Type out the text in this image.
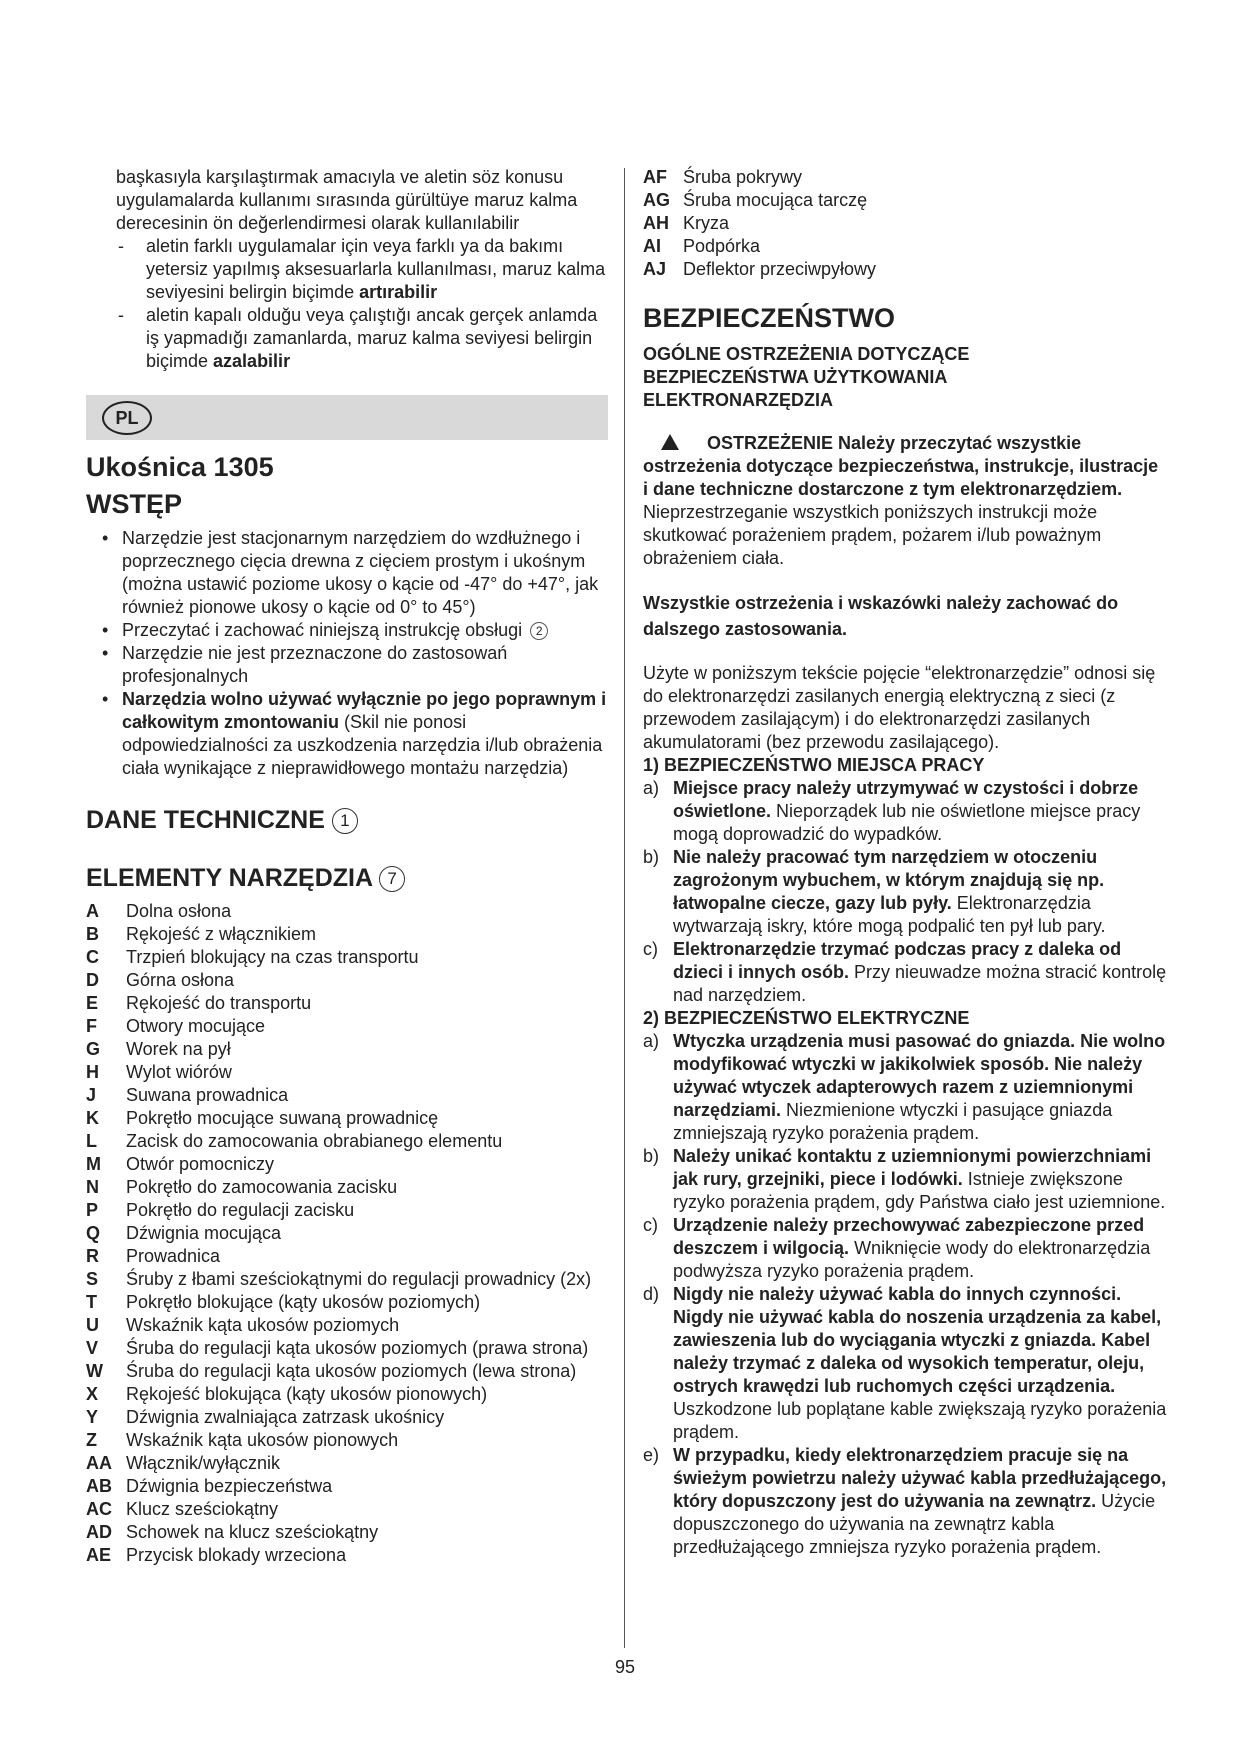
başkasıyla karşılaştırmak amacıyla ve aletin söz konusu uygulamalarda kullanımı sırasında gürültüye maruz kalma derecesinin ön değerlendirmesi olarak kullanılabilir

- aletin farklı uygulamalar için veya farklı ya da bakımı yetersiz yapılmış aksesuarlarla kullanılması, maruz kalma seviyesini belirgin biçimde artırabilir

- aletin kapalı olduğu veya çalıştığı ancak gerçek anlamda iş yapmadığı zamanlarda, maruz kalma seviyesi belirgin biçimde azalabilir

PL
Ukośnica 1305
WSTĘP

• Narzędzie jest stacjonarnym narzędziem do wzdłużnego i poprzecznego cięcia drewna z cięciem prostym i ukośnym (można ustawić poziome ukosy o kącie od -47° do +47°, jak również pionowe ukosy o kącie od 0° to 45°)

• Przeczytać i zachować niniejszą instrukcję obsługi 2

• Narzędzie nie jest przeznaczone do zastosowań profesjonalnych

• Narzędzia wolno używać wyłącznie po jego poprawnym i całkowitym zmontowaniu (Skil nie ponosi odpowiedzialności za uszkodzenia narzędzia i/lub obrażenia ciała wynikające z nieprawidłowego montażu narzędzia)

DANE TECHNICZNE 1
ELEMENTY NARZĘDZIA 7
A	Dolna osłona
B	Rękojeść z włącznikiem
C	Trzpień blokujący na czas transportu
D	Górna osłona
E	Rękojeść do transportu
F	Otwory mocujące
G	Worek na pył
H	Wylot wiórów
J	Suwana prowadnica
K	Pokrętło mocujące suwaną prowadnicę
L	Zacisk do zamocowania obrabianego elementu
M	Otwór pomocniczy
N	Pokrętło do zamocowania zacisku
P	Pokrętło do regulacji zacisku
Q	Dźwignia mocująca
R	Prowadnica
S	Śruby z łbami sześciokątnymi do regulacji prowadnicy (2x)
T	Pokrętło blokujące (kąty ukosów poziomych)
U	Wskaźnik kąta ukosów poziomych
V	Śruba do regulacji kąta ukosów poziomych (prawa strona)
W	Śruba do regulacji kąta ukosów poziomych (lewa strona)
X	Rękojeść blokująca (kąty ukosów pionowych)
Y	Dźwignia zwalniająca zatrzask ukośnicy
Z	Wskaźnik kąta ukosów pionowych
AA Włącznik/wyłącznik
AB Dźwignia bezpieczeństwa
AC Klucz sześciokątny
AD Schowek na klucz sześciokątny
AE Przycisk blokady wrzeciona
AF Śruba pokrywy
AG Śruba mocująca tarczę
AH Kryza
AI	Podpórka
AJ Deflektor przeciwpyłowy
BEZPIECZEŃSTWO

OGÓLNE OSTRZEŻENIA DOTYCZĄCE BEZPIECZEŃSTWA UŻYTKOWANIA ELEKTRONARZĘDZIA

OSTRZEŻENIE Należy przeczytać wszystkie ostrzeżenia dotyczące bezpieczeństwa, instrukcje, ilustracje i dane techniczne dostarczone z tym elektronarzędziem. Nieprzestrzeganie wszystkich poniższych instrukcji może skutkować porażeniem prądem, pożarem i/lub poważnym obrażeniem ciała.

Wszystkie ostrzeżenia i wskazówki należy zachować do dalszego zastosowania.

Użyte w poniższym tekście pojęcie “elektronarzędzie” odnosi się do elektronarzędzi zasilanych energią elektryczną z sieci (z przewodem zasilającym) i do elektronarzędzi zasilanych akumulatorami (bez przewodu zasilającego).

1) BEZPIECZEŃSTWO MIEJSCA PRACY

a) Miejsce pracy należy utrzymywać w czystości i dobrze oświetlone. Nieporządek lub nie oświetlone miejsce pracy mogą doprowadzić do wypadków.

b) Nie należy pracować tym narzędziem w otoczeniu zagrożonym wybuchem, w którym znajdują się np. łatwopalne ciecze, gazy lub pyły. Elektronarzędzia wytwarzają iskry, które mogą podpalić ten pył lub pary.

c) Elektronarzędzie trzymać podczas pracy z daleka od dzieci i innych osób. Przy nieuwadze można stracić kontrolę nad narzędziem.

2) BEZPIECZEŃSTWO ELEKTRYCZNE

a) Wtyczka urządzenia musi pasować do gniazda. Nie wolno modyfikować wtyczki w jakikolwiek sposób. Nie należy używać wtyczek adapterowych razem z uziemnionymi narzędziami. Niezmienione wtyczki i pasujące gniazda zmniejszają ryzyko porażenia prądem.

b) Należy unikać kontaktu z uziemnionymi powierzchniami jak rury, grzejniki, piece i lodówki. Istnieje zwiększone ryzyko porażenia prądem, gdy Państwa ciało jest uziemnione.

c) Urządzenie należy przechowywać zabezpieczone przed deszczem i wilgocią. Wniknięcie wody do elektronarzędzia podwyższa ryzyko porażenia prądem.

d) Nigdy nie należy używać kabla do innych czynności. Nigdy nie używać kabla do noszenia urządzenia za kabel, zawieszenia lub do wyciągania wtyczki z gniazda. Kabel należy trzymać z daleka od wysokich temperatur, oleju, ostrych krawędzi lub ruchomych części urządzenia. Uszkodzone lub poplątane kable zwiększają ryzyko porażenia prądem.

e) W przypadku, kiedy elektronarzędziem pracuje się na świeżym powietrzu należy używać kabla przedłużającego, który dopuszczony jest do używania na zewnątrz. Użycie dopuszczonego do używania na zewnątrz kabla przedłużającego zmniejsza ryzyko porażenia prądem.

95
